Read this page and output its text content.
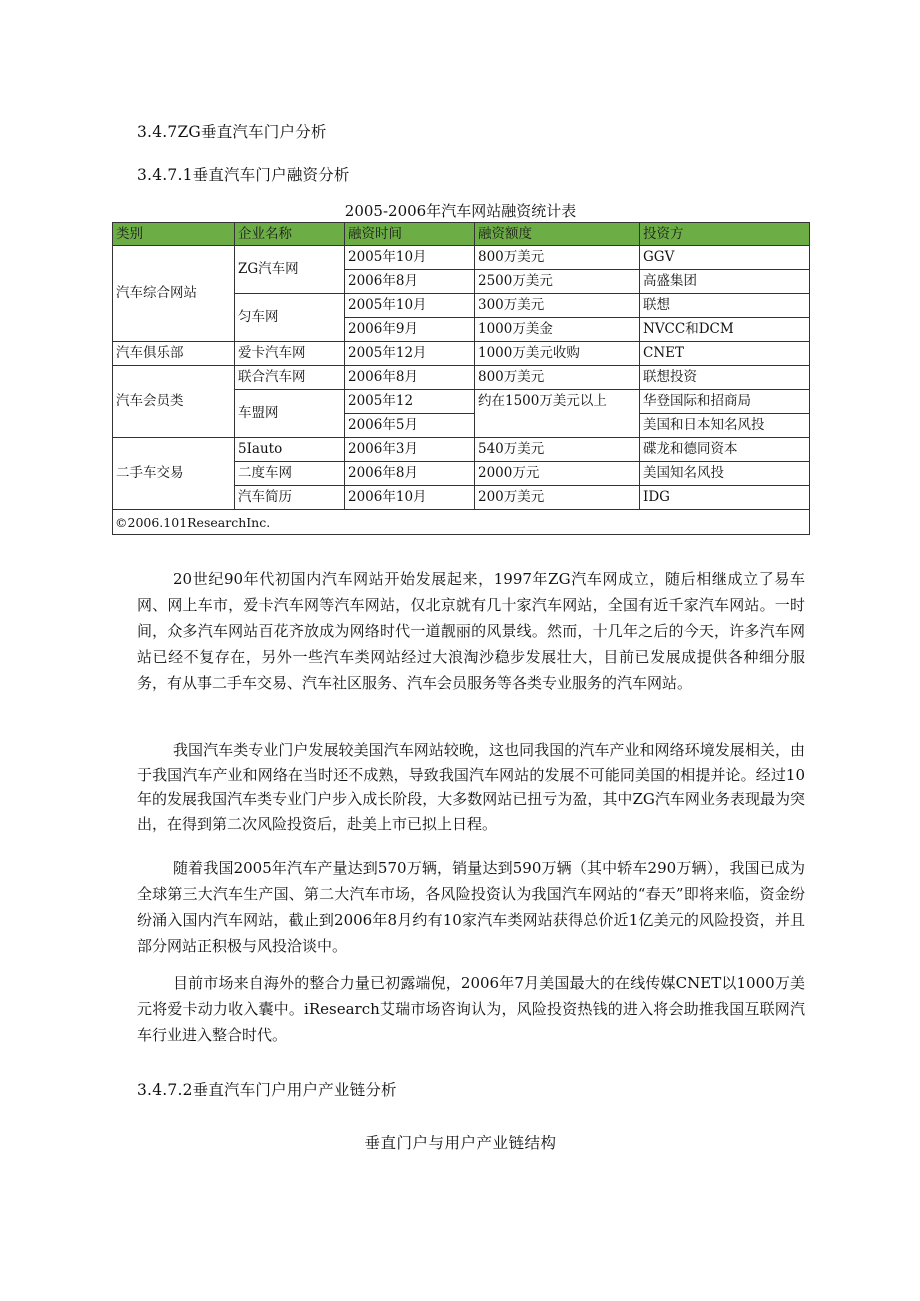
3.4.7ZG垂直汽车门户分析
3.4.7.1垂直汽车门户融资分析
2005-2006年汽车网站融资统计表
类别	企业名称	融资时间	融资额度	投资方
汽车综合网站	ZG汽车网	2005年10月	800万美元	GGV
		2006年8月	2500万美元	高盛集团
	匀车网	2005年10月	300万美元	联想
		2006年9月	1000万美金	NVCC和DCM
汽车俱乐部	爱卡汽车网	2005年12月	1000万美元收购	CNET
汽车会员类	联合汽车网	2006年8月	800万美元	联想投资
	车盟网	2005年12	约在1500万美元以上	华登国际和招商局
		2006年5月		美国和日本知名风投
二手车交易	5Iauto	2006年3月	540万美元	碟龙和德同资本
	二度车网	2006年8月	2000万元	美国知名风投
	汽车简历	2006年10月	200万美元	IDG
©2006.101ResearchInc.				

20世纪90年代初国内汽车网站开始发展起来，1997年ZG汽车网成立，随后相继成立了易车网、网上车市，爱卡汽车网等汽车网站，仅北京就有几十家汽车网站，全国有近千家汽车网站。一时间，众多汽车网站百花齐放成为网络时代一道靓丽的风景线。然而，十几年之后的今天，许多汽车网站已经不复存在，另外一些汽车类网站经过大浪淘沙稳步发展壮大，目前已发展成提供各种细分服务，有从事二手车交易、汽车社区服务、汽车会员服务等各类专业服务的汽车网站。

我国汽车类专业门户发展较美国汽车网站较晚，这也同我国的汽车产业和网络环境发展相关，由于我国汽车产业和网络在当时还不成熟，导致我国汽车网站的发展不可能同美国的相提并论。经过10年的发展我国汽车类专业门户步入成长阶段，大多数网站已扭亏为盈，其中ZG汽车网业务表现最为突出，在得到第二次风险投资后，赴美上市已拟上日程。

随着我国2005年汽车产量达到570万辆，销量达到590万辆（其中轿车290万辆），我国已成为全球第三大汽车生产国、第二大汽车市场，各风险投资认为我国汽车网站的“春天”即将来临，资金纷纷涌入国内汽车网站，截止到2006年8月约有10家汽车类网站获得总价近1亿美元的风险投资，并且部分网站正积极与风投洽谈中。

目前市场来自海外的整合力量已初露端倪，2006年7月美国最大的在线传媒CNET以1000万美元将爱卡动力收入囊中。iResearch艾瑞市场咨询认为，风险投资热钱的进入将会助推我国互联网汽车行业进入整合时代。

3.4.7.2垂直汽车门户用户产业链分析
垂直门户与用户产业链结构
